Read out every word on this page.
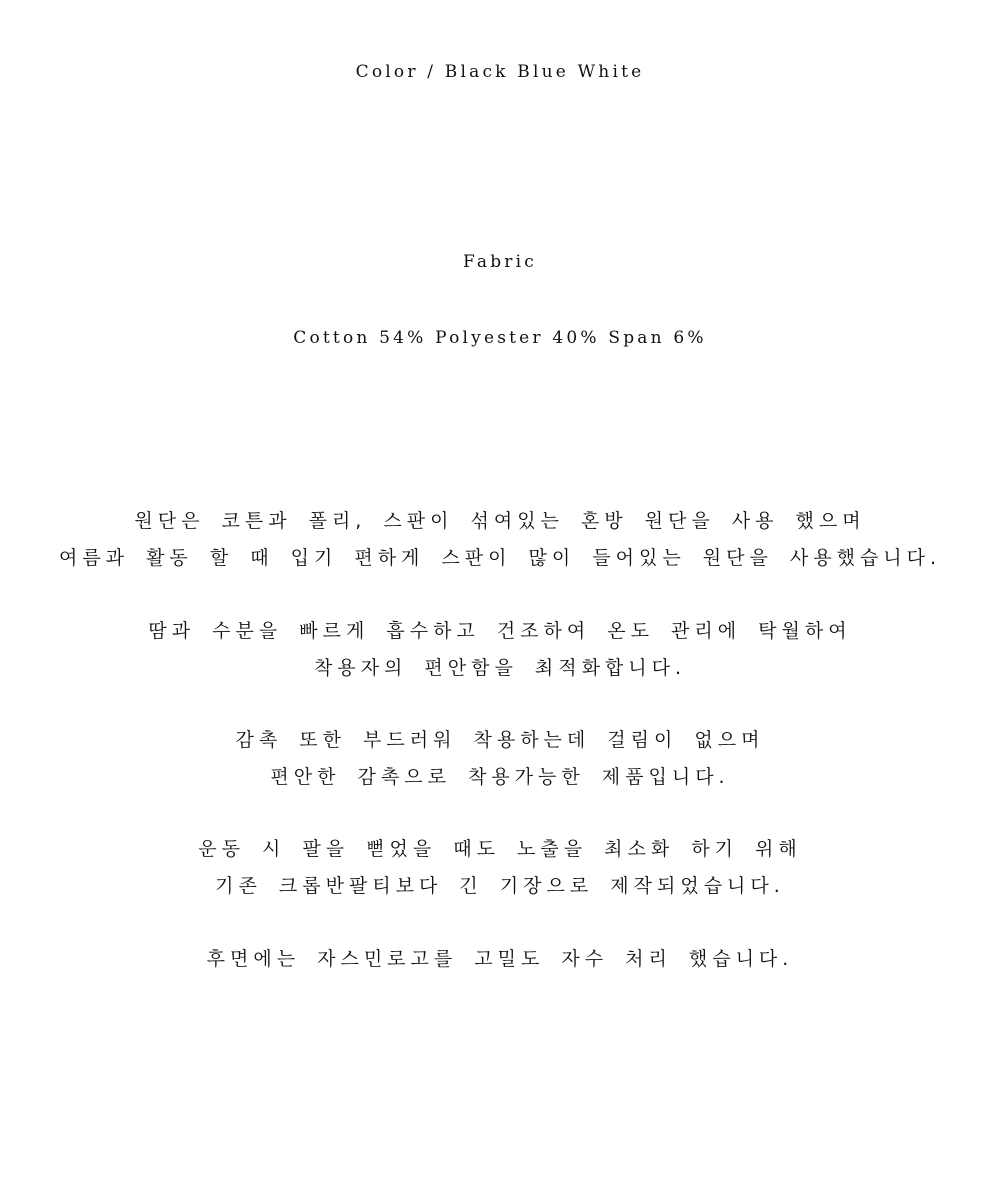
Color / Black Blue White
Fabric
Cotton 54% Polyester 40% Span 6%
원단은 코튼과 폴리, 스판이 섞여있는 혼방 원단을 사용 했으며
여름과 활동 할 때 입기 편하게 스판이 많이 들어있는 원단을 사용했습니다.
땀과 수분을 빠르게 흡수하고 건조하여 온도 관리에 탁월하여
착용자의 편안함을 최적화합니다.
감촉 또한 부드러워 착용하는데 걸림이 없으며
편안한 감촉으로 착용가능한 제품입니다.
운동 시 팔을 뻗었을 때도 노출을 최소화 하기 위해
기존 크롭반팔티보다 긴 기장으로 제작되었습니다.
후면에는 자스민로고를 고밀도 자수 처리 했습니다.
